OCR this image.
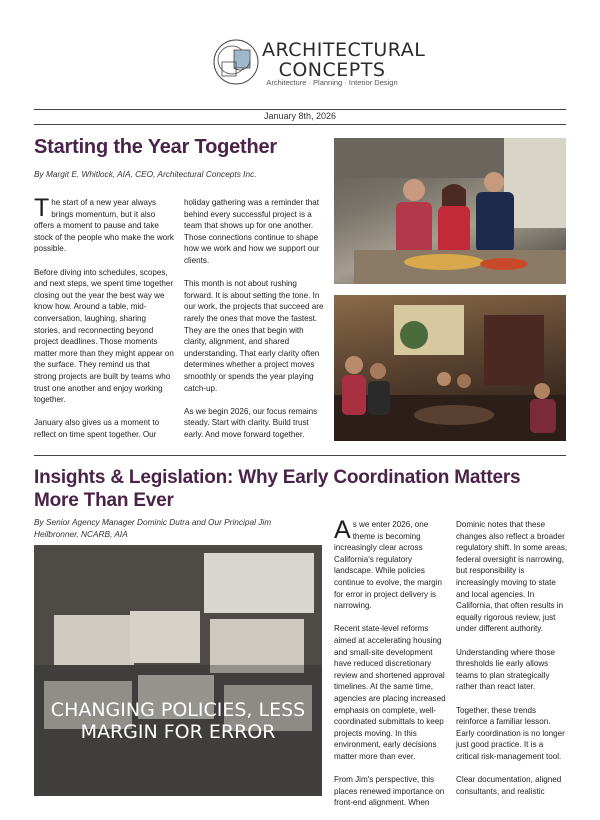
ARCHITECTURAL
CONCEPTS
Architecture · Planning · Interior Design
January 8th, 2026
Starting the Year Together
By Margit E. Whitlock, AIA, CEO, Architectural Concepts Inc.

The start of a new year always brings momentum, but it also offers a moment to pause and take stock of the people who make the work possible.

Before diving into schedules, scopes, and next steps, we spent time together closing out the year the best way we know how. Around a table, mid-conversation, laughing, sharing stories, and reconnecting beyond project deadlines. Those moments matter more than they might appear on the surface. They remind us that strong projects are built by teams who trust one another and enjoy working together.

January also gives us a moment to reflect on time spent together. Our

holiday gathering was a reminder that behind every successful project is a team that shows up for one another. Those connections continue to shape how we work and how we support our clients.

This month is not about rushing forward. It is about setting the tone. In our work, the projects that succeed are rarely the ones that move the fastest. They are the ones that begin with clarity, alignment, and shared understanding. That early clarity often determines whether a project moves smoothly or spends the year playing catch-up.

As we begin 2026, our focus remains steady. Start with clarity. Build trust early. And move forward together.

Insights & Legislation: Why Early Coordination Matters More Than Ever
By Senior Agency Manager Dominic Dutra and Our Principal Jim Heilbronner, NCARB, AIA
CHANGING POLICIES, LESS MARGIN FOR ERROR

As we enter 2026, one theme is becoming increasingly clear across California's regulatory landscape. While policies continue to evolve, the margin for error in project delivery is narrowing.

Recent state-level reforms aimed at accelerating housing and small-site development have reduced discretionary review and shortened approval timelines. At the same time, agencies are placing increased emphasis on complete, well-coordinated submittals to keep projects moving. In this environment, early decisions matter more than ever.

From Jim's perspective, this places renewed importance on front-end alignment. When

Dominic notes that these changes also reflect a broader regulatory shift. In some areas, federal oversight is narrowing, but responsibility is increasingly moving to state and local agencies. In California, that often results in equally rigorous review, just under different authority.

Understanding where those thresholds lie early allows teams to plan strategically rather than react later.

Together, these trends reinforce a familiar lesson. Early coordination is no longer just good practice. It is a critical risk-management tool.

Clear documentation, aligned consultants, and realistic
